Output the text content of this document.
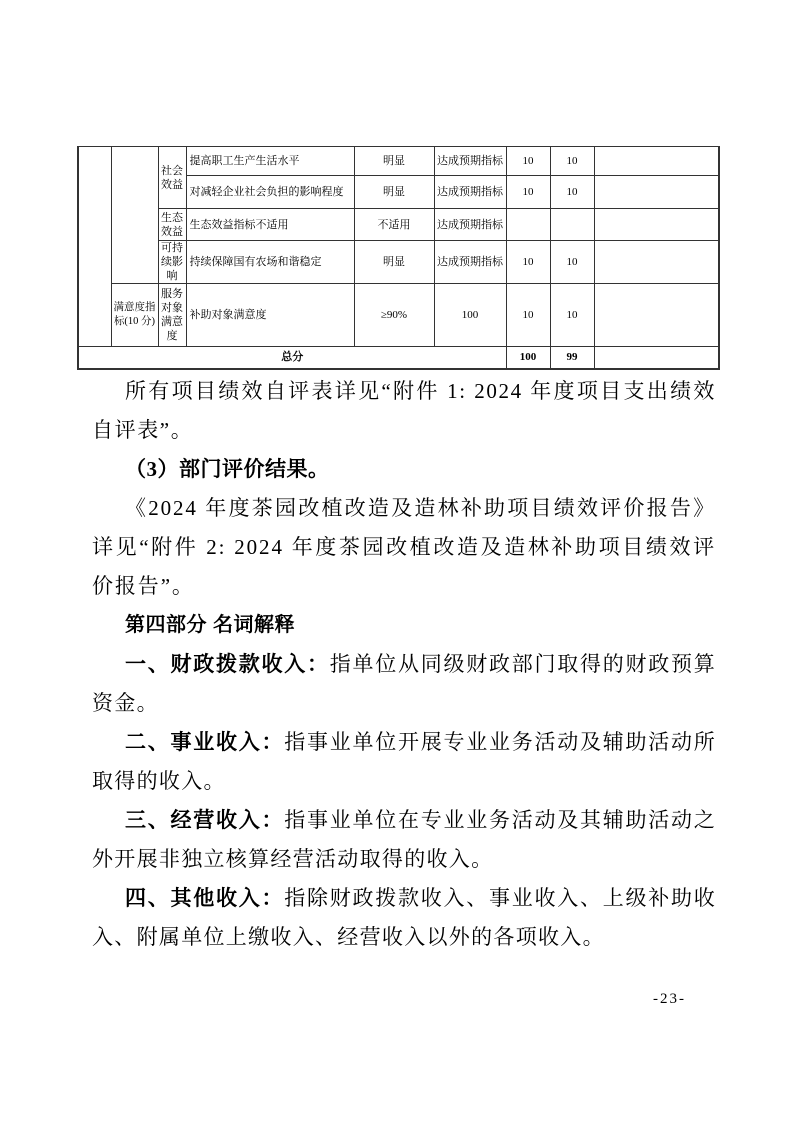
		社会效益	提高职工生产生活水平	明显	达成预期指标	10	10	
			对减轻企业社会负担的影响程度	明显	达成预期指标	10	10	
		生态效益	生态效益指标不适用	不适用	达成预期指标			
		可持续影响	持续保障国有农场和谐稳定	明显	达成预期指标	10	10	
	满意度指标(10 分)	服务对象满意度	补助对象满意度	≥90%	100	10	10	
总分						100	99	

所有项目绩效自评表详见“附件 1: 2024 年度项目支出绩效自评表”。

（3）部门评价结果。

《2024 年度茶园改植改造及造林补助项目绩效评价报告》详见“附件 2: 2024 年度茶园改植改造及造林补助项目绩效评价报告”。

第四部分 名词解释

一、财政拨款收入：指单位从同级财政部门取得的财政预算资金。

二、事业收入：指事业单位开展专业业务活动及辅助活动所取得的收入。

三、经营收入：指事业单位在专业业务活动及其辅助活动之外开展非独立核算经营活动取得的收入。

四、其他收入：指除财政拨款收入、事业收入、上级补助收入、附属单位上缴收入、经营收入以外的各项收入。

-23-
